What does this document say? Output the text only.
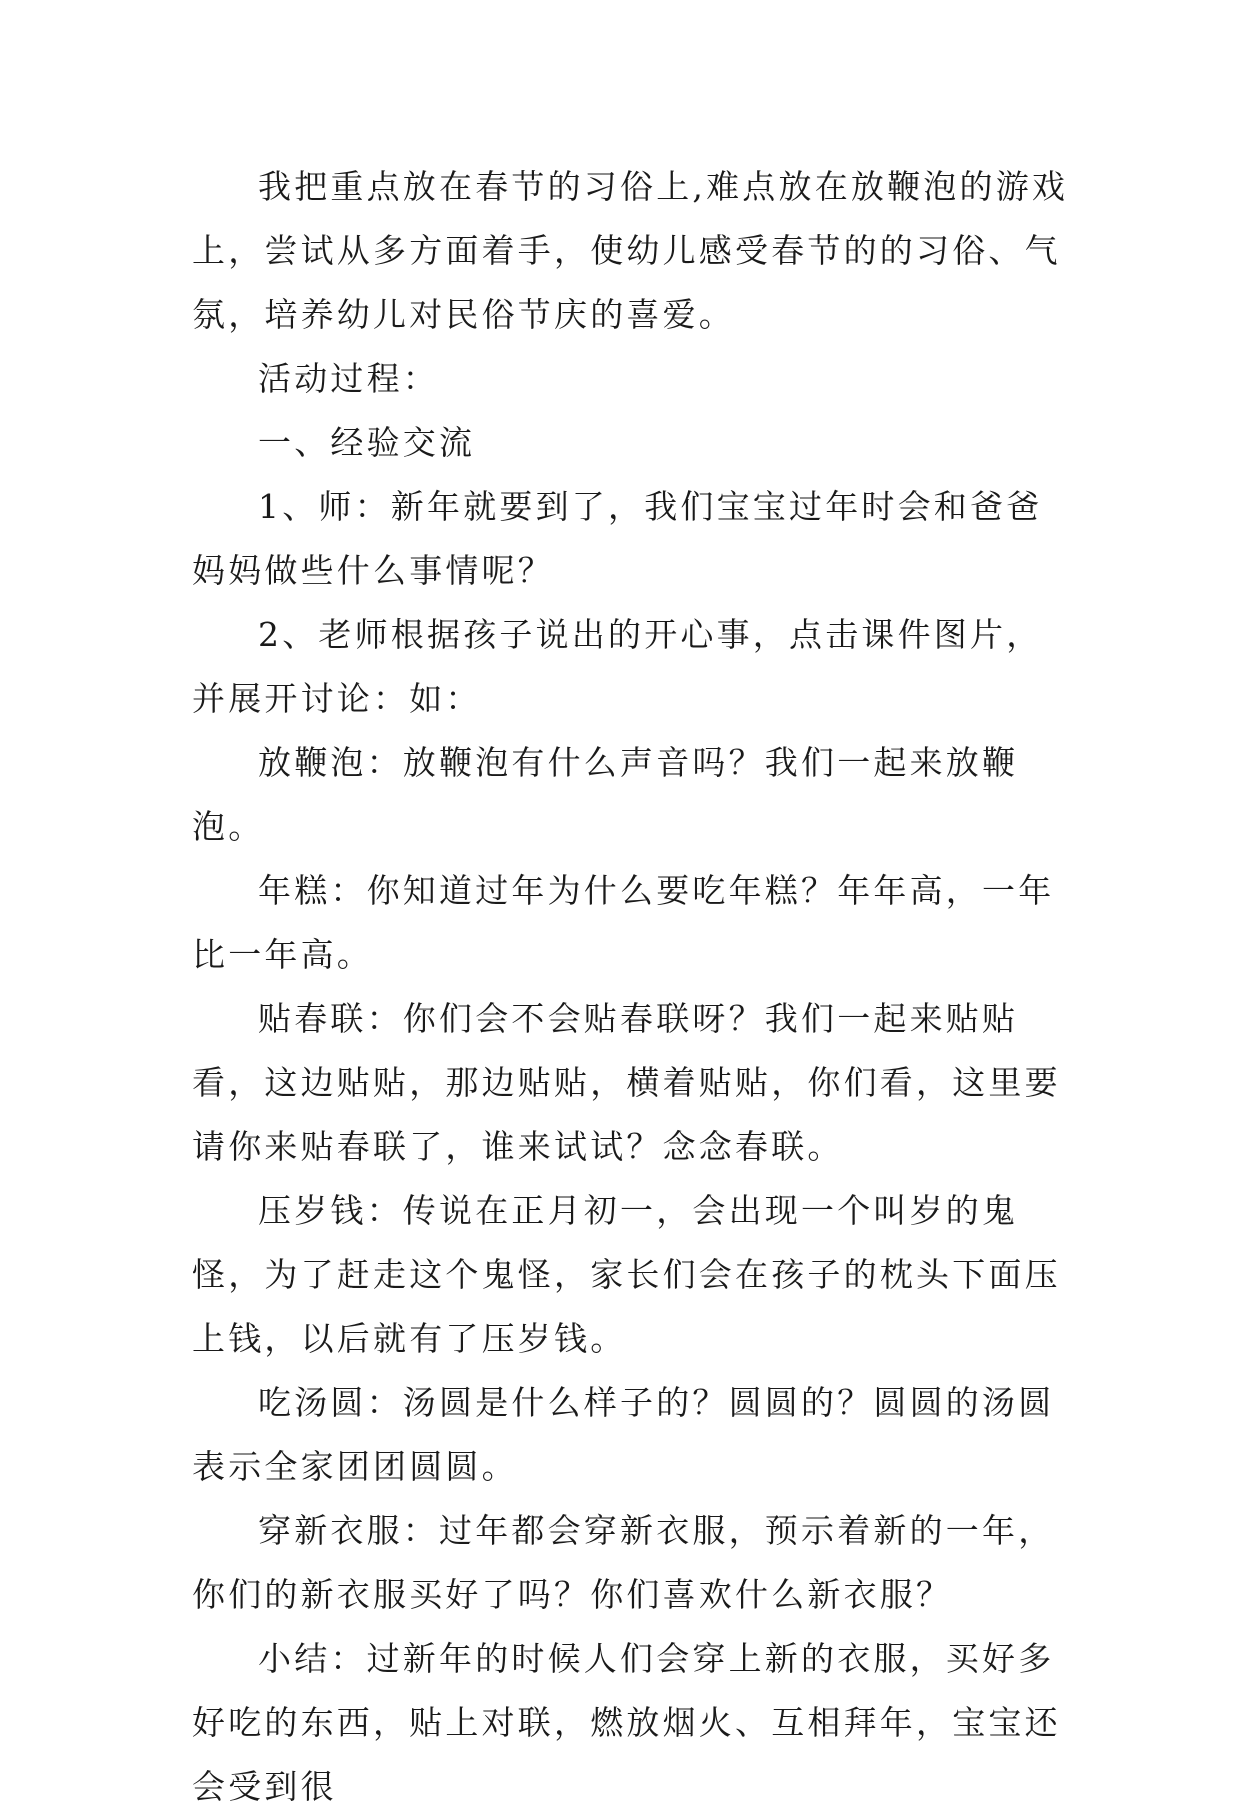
我把重点放在春节的习俗上,难点放在放鞭泡的游戏上，尝试从多方面着手，使幼儿感受春节的的习俗、气氛，培养幼儿对民俗节庆的喜爱。

活动过程：

一、经验交流

1、师：新年就要到了，我们宝宝过年时会和爸爸妈妈做些什么事情呢？

2、老师根据孩子说出的开心事，点击课件图片，并展开讨论：如：

放鞭泡：放鞭泡有什么声音吗？我们一起来放鞭泡。

年糕：你知道过年为什么要吃年糕？年年高，一年比一年高。

贴春联：你们会不会贴春联呀？我们一起来贴贴看，这边贴贴，那边贴贴，横着贴贴，你们看，这里要请你来贴春联了，谁来试试？念念春联。

压岁钱：传说在正月初一，会出现一个叫岁的鬼怪，为了赶走这个鬼怪，家长们会在孩子的枕头下面压上钱，以后就有了压岁钱。

吃汤圆：汤圆是什么样子的？圆圆的？圆圆的汤圆表示全家团团圆圆。

穿新衣服：过年都会穿新衣服，预示着新的一年，你们的新衣服买好了吗？你们喜欢什么新衣服？

小结：过新年的时候人们会穿上新的衣服，买好多好吃的东西，贴上对联，燃放烟火、互相拜年，宝宝还会受到很
